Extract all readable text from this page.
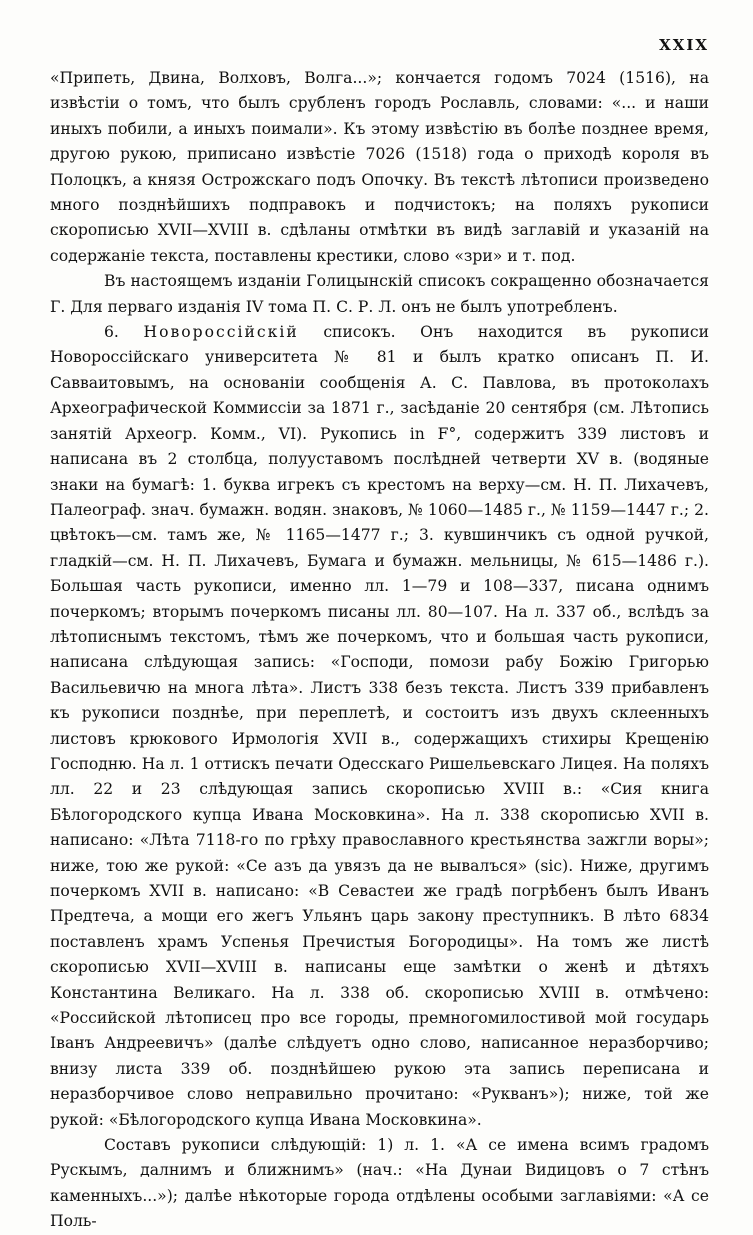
XXIX

«Припеть, Двина, Волховъ, Волга...»; кончается годомъ 7024 (1516), на извѣстіи о томъ, что былъ срубленъ городъ Рославль, словами: «... и наши иныхъ побили, а иныхъ поимали». Къ этому извѣстію въ болѣе позднее время, другою рукою, приписано извѣстіе 7026 (1518) года о приходѣ короля въ Полоцкъ, а князя Острожскаго подъ Опочку. Въ текстѣ лѣтописи произведено много позднѣйшихъ подправокъ и подчистокъ; на поляхъ рукописи скорописью XVII—XVIII в. сдѣланы отмѣтки въ видѣ заглавій и указаній на содержаніе текста, поставлены крестики, слово «зри» и т. под.

Въ настоящемъ изданіи Голицынскій списокъ сокращенно обозначается Г. Для перваго изданія IV тома П. С. Р. Л. онъ не былъ употребленъ.

6. Новороссійскій списокъ. Онъ находится въ рукописи Новороссійскаго университета № 81 и былъ кратко описанъ П. И. Савваитовымъ, на основаніи сообщенія А. С. Павлова, въ протоколахъ Археографической Коммиссіи за 1871 г., засѣданіе 20 сентября (см. Лѣтопись занятій Археогр. Комм., VI). Рукопись in F°, содержитъ 339 листовъ и написана въ 2 столбца, полууставомъ послѣдней четверти XV в. (водяные знаки на бумагѣ: 1. буква игрекъ съ крестомъ на верху—см. Н. П. Лихачевъ, Палеограф. знач. бумажн. водян. знаковъ, № 1060—1485 г., № 1159—1447 г.; 2. цвѣтокъ—см. тамъ же, № 1165—1477 г.; 3. кувшинчикъ съ одной ручкой, гладкій—см. Н. П. Лихачевъ, Бумага и бумажн. мельницы, № 615—1486 г.). Большая часть рукописи, именно лл. 1—79 и 108—337, писана однимъ почеркомъ; вторымъ почеркомъ писаны лл. 80—107. На л. 337 об., вслѣдъ за лѣтописнымъ текстомъ, тѣмъ же почеркомъ, что и большая часть рукописи, написана слѣдующая запись: «Господи, помози рабу Божію Григорью Васильевичю на многа лѣта». Листъ 338 безъ текста. Листъ 339 прибавленъ къ рукописи позднѣе, при переплетѣ, и состоитъ изъ двухъ склеенныхъ листовъ крюкового Ирмологія XVII в., содержащихъ стихиры Крещенію Господню. На л. 1 оттискъ печати Одесскаго Ришельевскаго Лицея. На поляхъ лл. 22 и 23 слѣдующая запись скорописью XVIII в.: «Сия книга Бѣлогородского купца Ивана Московкина». На л. 338 скорописью XVII в. написано: «Лѣта 7118-го по грѣху православного крестьянства зажгли воры»; ниже, тою же рукой: «Се азъ да увязъ да не вывалъся» (sic). Ниже, другимъ почеркомъ XVII в. написано: «В Севастеи же градѣ погрѣбенъ былъ Иванъ Предтеча, а мощи его жегъ Ульянъ царь закону преступникъ. В лѣто 6834 поставленъ храмъ Успенья Пречистыя Богородицы». На томъ же листѣ скорописью XVII—XVIII в. написаны еще замѣтки о женѣ и дѣтяхъ Константина Великаго. На л. 338 об. скорописью XVIII в. отмѣчено: «Российской лѣтописец про все городы, премногомилостивой мой государь Іванъ Андреевичъ» (далѣе слѣдуетъ одно слово, написанное неразборчиво; внизу листа 339 об. позднѣйшею рукою эта запись переписана и неразборчивое слово неправильно прочитано: «Рукванъ»); ниже, той же рукой: «Бѣлогородского купца Ивана Московкина».

Составъ рукописи слѣдующій: 1) л. 1. «А се имена всимъ градомъ Рускымъ, далнимъ и ближнимъ» (нач.: «На Дунаи Видицовъ о 7 стѣнъ каменныхъ...»); далѣе нѣкоторые города отдѣлены особыми заглавіями: «А се Поль-
